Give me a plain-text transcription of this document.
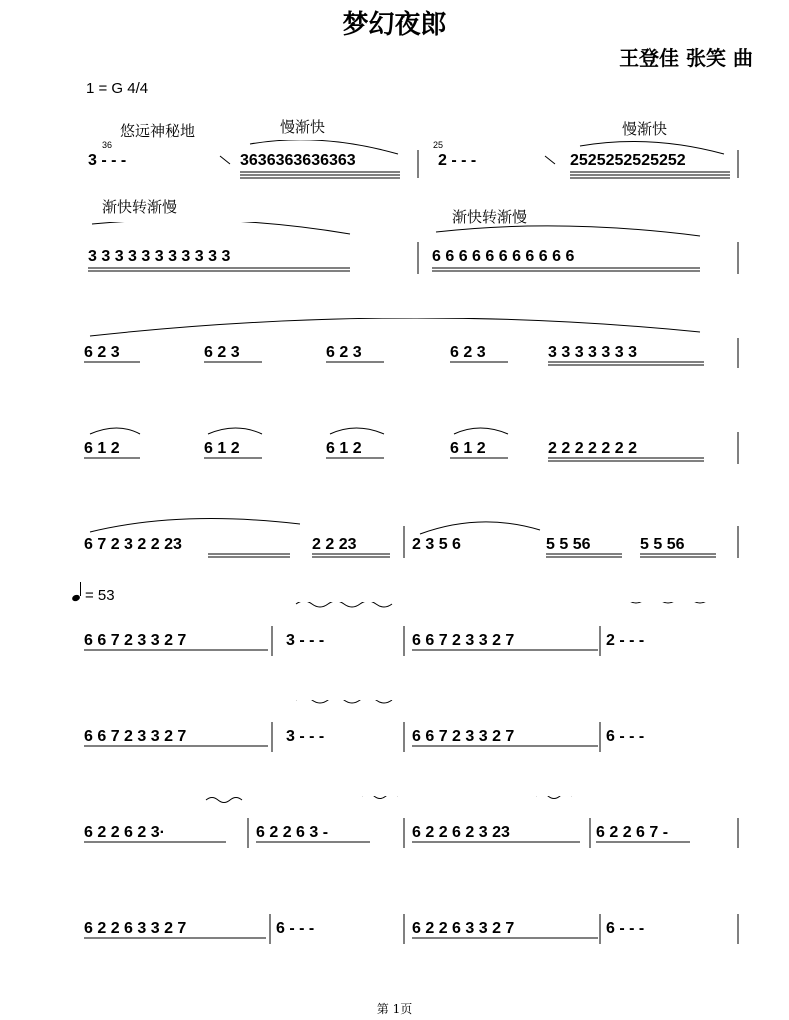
梦幻夜郎
王登佳 张笑 曲
1 = G 4/4
悠远神秘地	慢渐快	慢渐快
36	25
3 - - -	3636363636363	2 - - -	2525252525252
渐快转渐慢
渐快转渐慢
3 3 3 3 3 3 3 3 3 3 3	6 6 6 6 6 6 6 6 6 6 6
6 2 3	6 2 3	6 2 3	6 2 3	3 3 3 3 3 3 3
6 1 2	6 1 2	6 1 2	6 1 2	2 2 2 2 2 2 2
6 7 2 3 2 2 23	2 2 23	2 3 5 6	5 5 56	5 5 56
= 53
6 6 7 2 3 3 2 7	3 - - -	6 6 7 2 3 3 2 7	2 - - -
6 6 7 2 3 3 2 7	3 - - -	6 6 7 2 3 3 2 7	6 - - -
6 2 2 6 2 3·	6 2 2 6 3 -	6 2 2 6 2 3 23	6 2 2 6 7 -
6 2 2 6 3 3 2 7	6 - - -	6 2 2 6 3 3 2 7	6 - - -
第 1页
